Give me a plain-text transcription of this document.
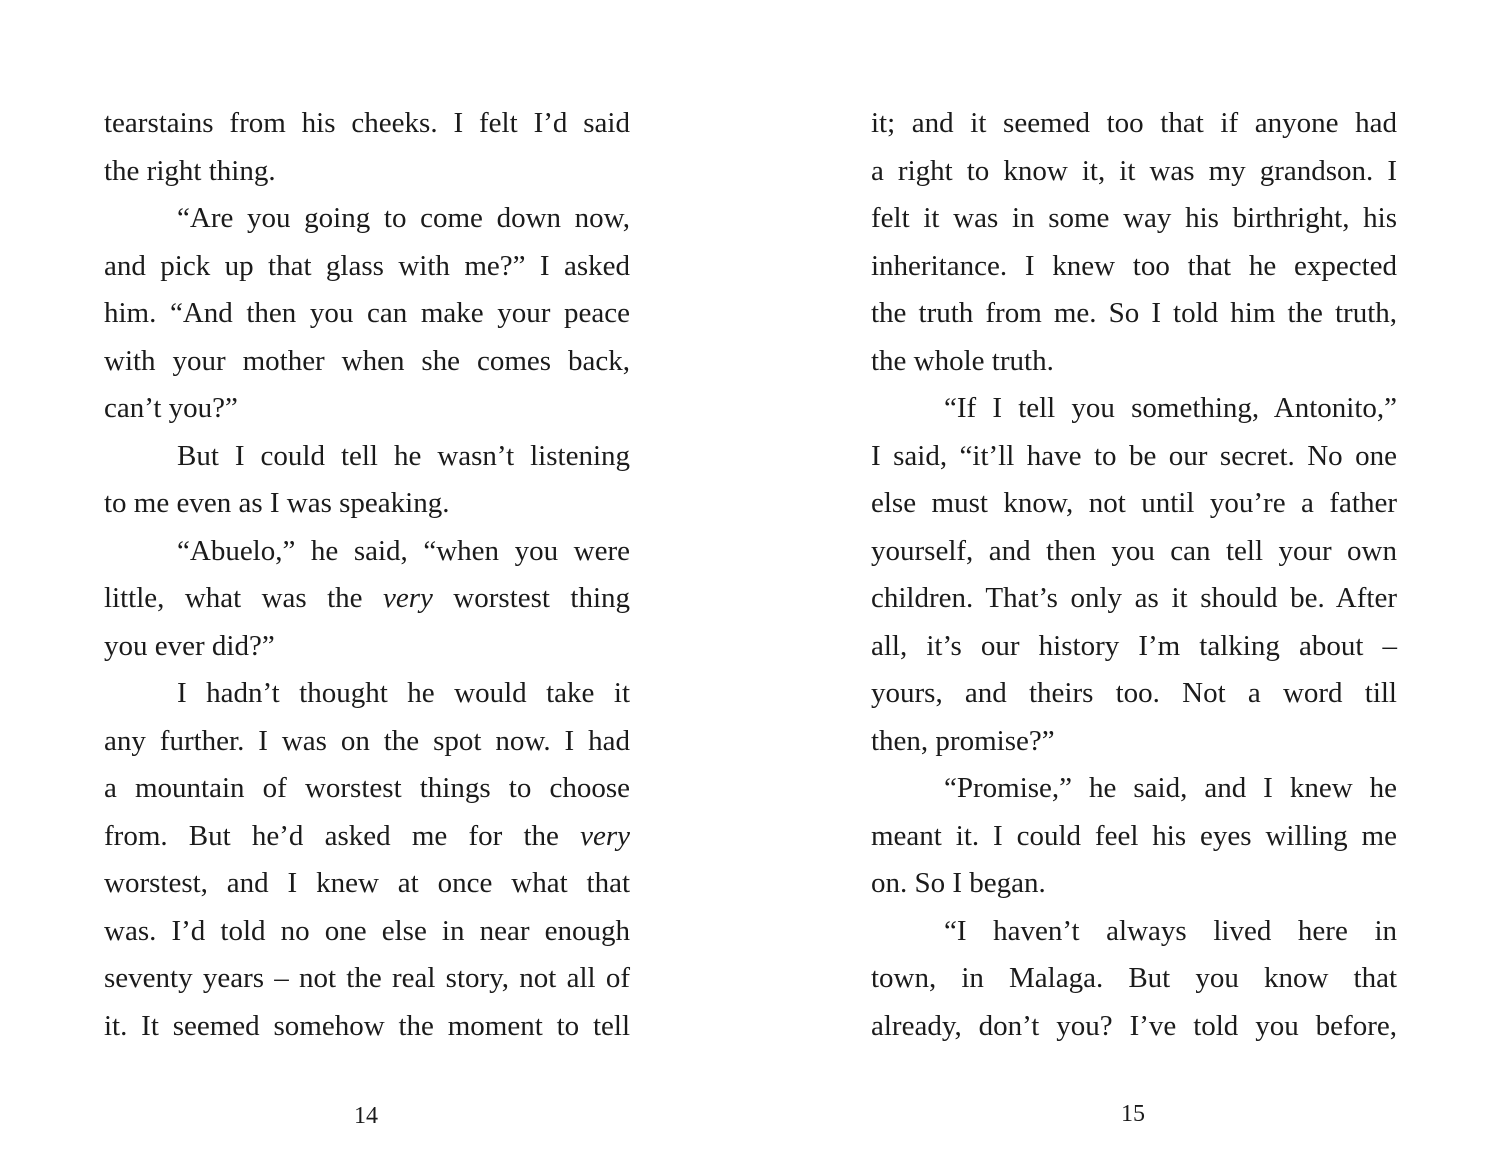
tearstains from his cheeks. I felt I’d said
the right thing.
“Are you going to come down now,
and pick up that glass with me?” I asked
him. “And then you can make your peace
with your mother when she comes back,
can’t you?”
But I could tell he wasn’t listening
to me even as I was speaking.
“Abuelo,” he said, “when you were
little, what was the very worstest thing
you ever did?”
I hadn’t thought he would take it
any further. I was on the spot now. I had
a mountain of worstest things to choose
from. But he’d asked me for the very
worstest, and I knew at once what that
was. I’d told no one else in near enough
seventy years – not the real story, not all of
it. It seemed somehow the moment to tell
14
it; and it seemed too that if anyone had
a right to know it, it was my grandson. I
felt it was in some way his birthright, his
inheritance. I knew too that he expected
the truth from me. So I told him the truth,
the whole truth.
“If I tell you something, Antonito,”
I said, “it’ll have to be our secret. No one
else must know, not until you’re a father
yourself, and then you can tell your own
children. That’s only as it should be. After
all, it’s our history I’m talking about –
yours, and theirs too. Not a word till
then, promise?”
“Promise,” he said, and I knew he
meant it. I could feel his eyes willing me
on. So I began.
“I haven’t always lived here in
town, in Malaga. But you know that
already, don’t you? I’ve told you before,
15
